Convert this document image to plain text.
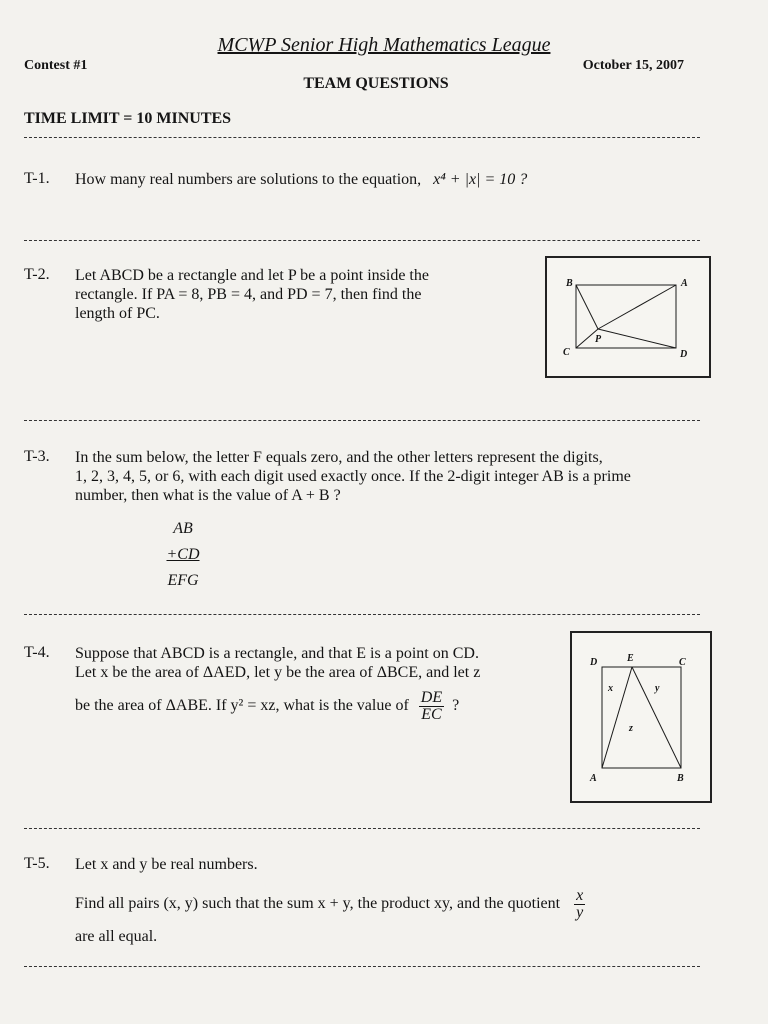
MCWP Senior High Mathematics League
Contest #1	October 15, 2007
TEAM QUESTIONS
TIME LIMIT = 10 MINUTES
T-1. How many real numbers are solutions to the equation, x⁴ + |x| = 10 ?
T-2. Let ABCD be a rectangle and let P be a point inside the
rectangle. If PA = 8, PB = 4, and PD = 7, then find the
length of PC.
B	A
P
C	D
T-3. In the sum below, the letter F equals zero, and the other letters represent the digits,
1, 2, 3, 4, 5, or 6, with each digit used exactly once. If the 2-digit integer AB is a prime
number, then what is the value of A + B ?
AB
+CD
EFG
T-4. Suppose that ABCD is a rectangle, and that E is a point on CD.
Let x be the area of ΔAED, let y be the area of ΔBCE, and let z
be the area of ΔABE. If y² = xz, what is the value of $\frac{DE}{EC}$ ?
D	E	C
x	y
z
A	B
T-5. Let x and y be real numbers.
Find all pairs (x, y) such that the sum x + y, the product xy, and the quotient $\frac{x}{y}$
are all equal.
